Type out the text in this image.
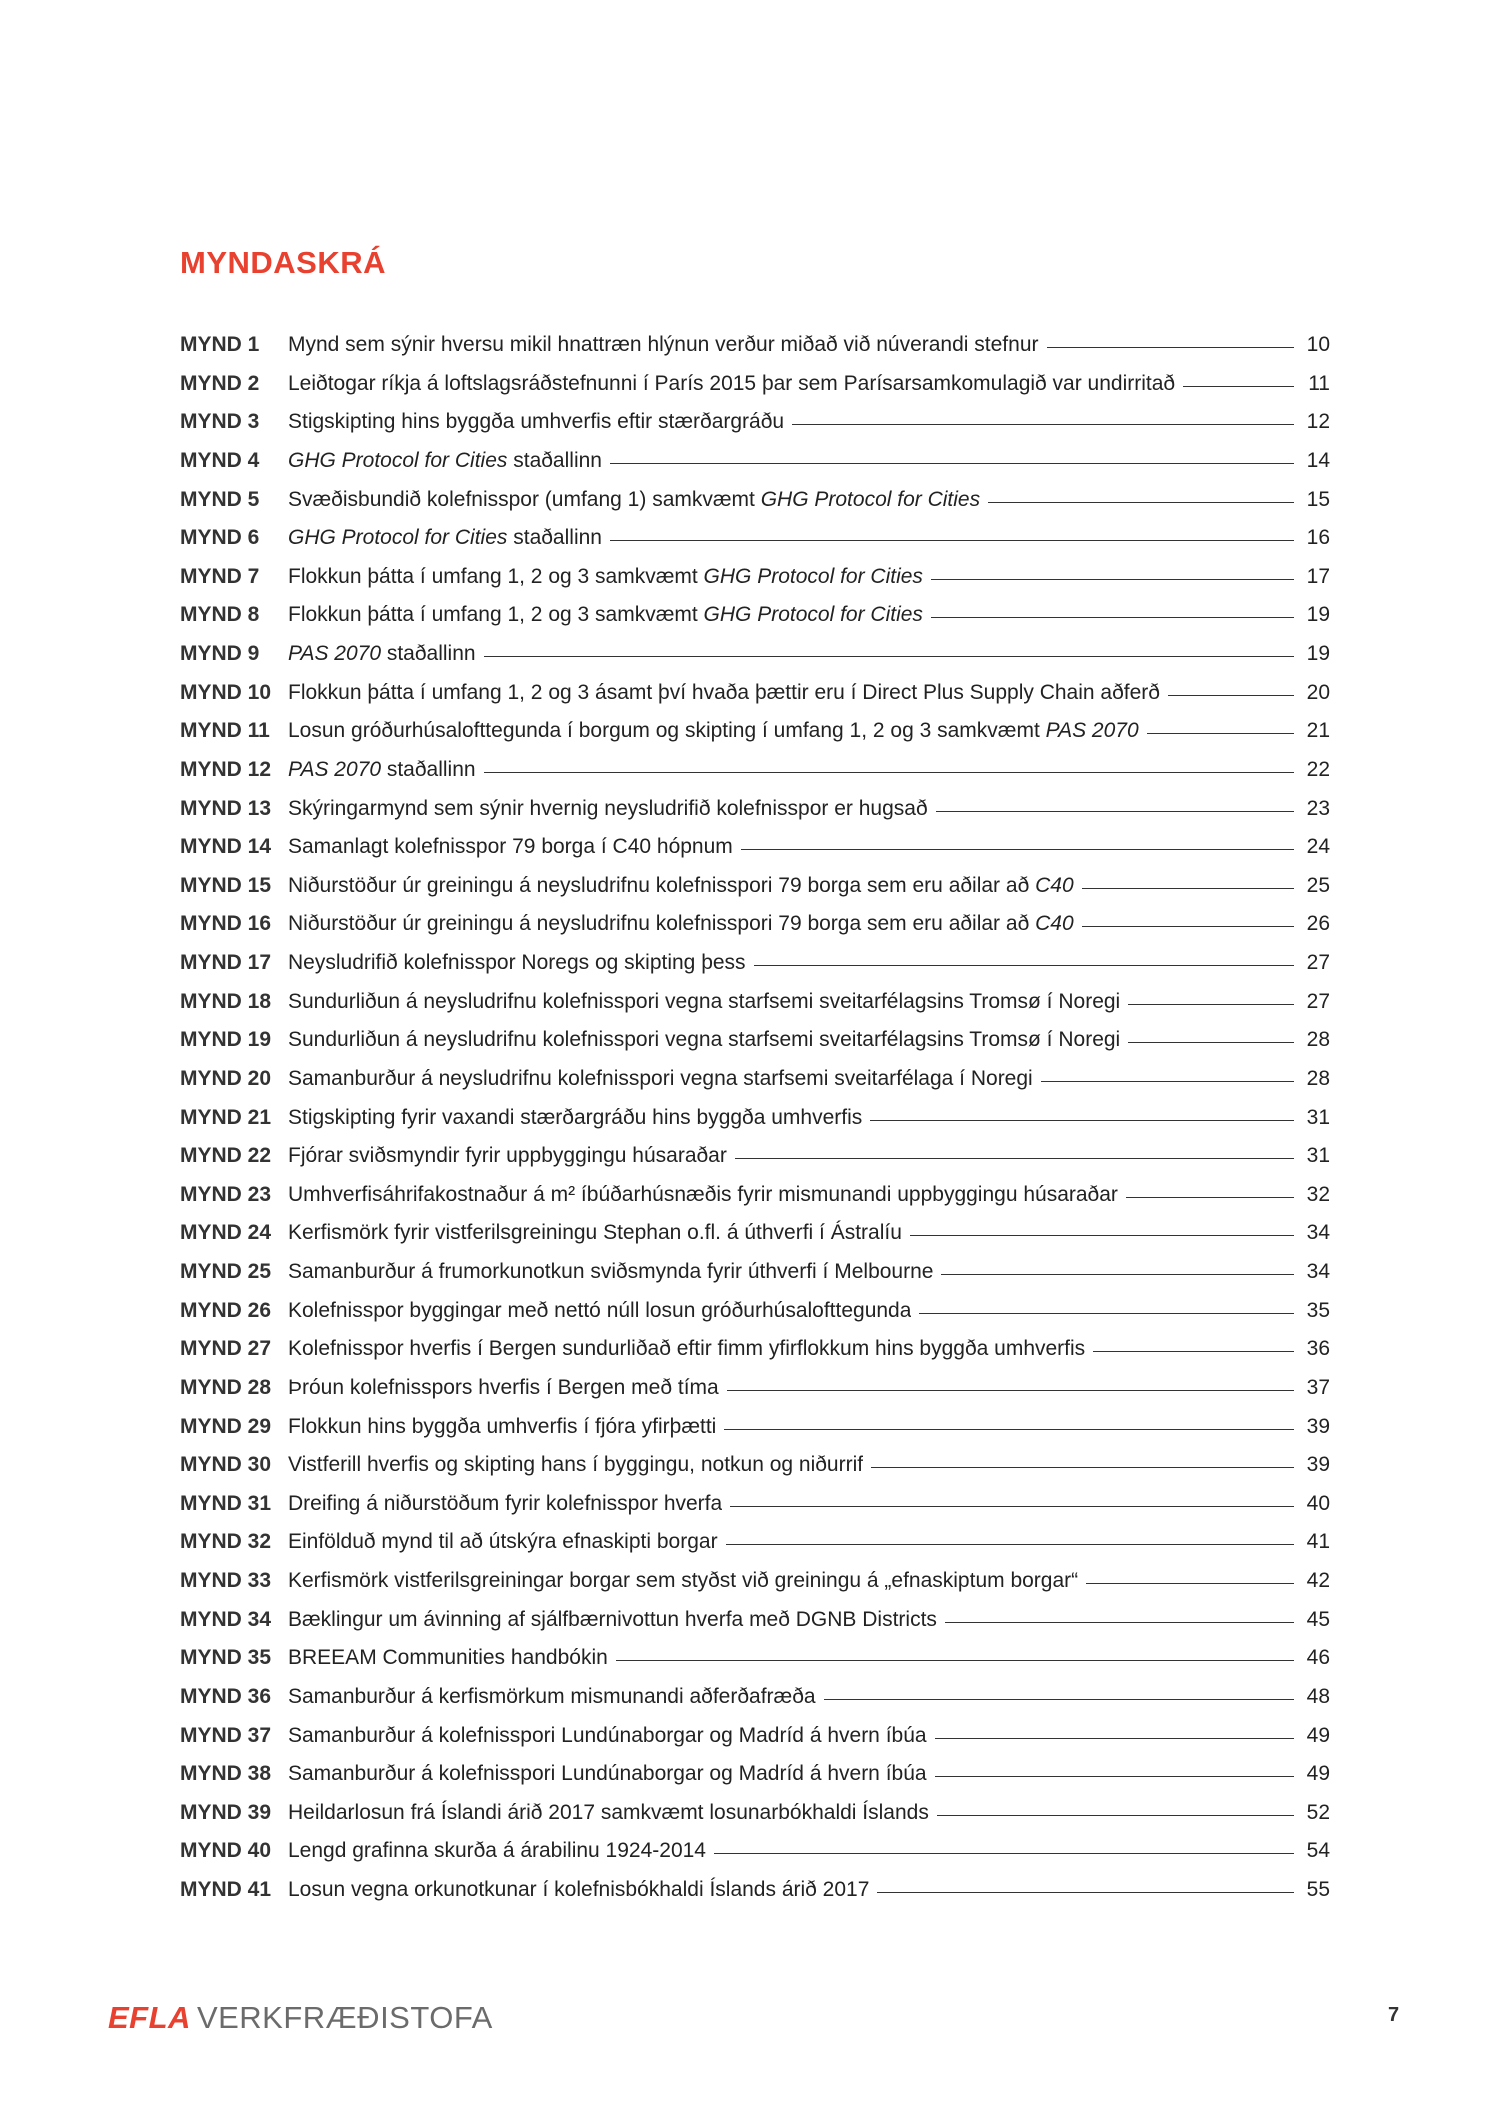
MYNDASKRÁ
MYND 1	Mynd sem sýnir hversu mikil hnattræn hlýnun verður miðað við núverandi stefnur	10
MYND 2	Leiðtogar ríkja á loftslagsráðstefnunni í París 2015 þar sem Parísarsamkomulagið var undirritað	11
MYND 3	Stigskipting hins byggða umhverfis eftir stærðargráðu	12
MYND 4	GHG Protocol for Cities staðallinn	14
MYND 5	Svæðisbundið kolefnisspor (umfang 1) samkvæmt GHG Protocol for Cities	15
MYND 6	GHG Protocol for Cities staðallinn	16
MYND 7	Flokkun þátta í umfang 1, 2 og 3 samkvæmt GHG Protocol for Cities	17
MYND 8	Flokkun þátta í umfang 1, 2 og 3 samkvæmt GHG Protocol for Cities	19
MYND 9	PAS 2070 staðallinn	19
MYND 10 Flokkun þátta í umfang 1, 2 og 3 ásamt því hvaða þættir eru í Direct Plus Supply Chain aðferð	20
MYND 11 Losun gróðurhúsalofttegunda í borgum og skipting í umfang 1, 2 og 3 samkvæmt PAS 2070	21
MYND 12 PAS 2070 staðallinn	22
MYND 13 Skýringarmynd sem sýnir hvernig neysludrifið kolefnisspor er hugsað	23
MYND 14 Samanlagt kolefnisspor 79 borga í C40 hópnum	24
MYND 15 Niðurstöður úr greiningu á neysludrifnu kolefnisspori 79 borga sem eru aðilar að C40	25
MYND 16 Niðurstöður úr greiningu á neysludrifnu kolefnisspori 79 borga sem eru aðilar að C40	26
MYND 17 Neysludrifið kolefnisspor Noregs og skipting þess	27
MYND 18 Sundurliðun á neysludrifnu kolefnisspori vegna starfsemi sveitarfélagsins Tromsø í Noregi	27
MYND 19 Sundurliðun á neysludrifnu kolefnisspori vegna starfsemi sveitarfélagsins Tromsø í Noregi	28
MYND 20 Samanburður á neysludrifnu kolefnisspori vegna starfsemi sveitarfélaga í Noregi	28
MYND 21 Stigskipting fyrir vaxandi stærðargráðu hins byggða umhverfis	31
MYND 22 Fjórar sviðsmyndir fyrir uppbyggingu húsaraðar	31
MYND 23 Umhverfisáhrifakostnaður á m² íbúðarhúsnæðis fyrir mismunandi uppbyggingu húsaraðar	32
MYND 24 Kerfismörk fyrir vistferilsgreiningu Stephan o.fl. á úthverfi í Ástralíu	34
MYND 25 Samanburður á frumorkunotkun sviðsmynda fyrir úthverfi í Melbourne	34
MYND 26 Kolefnisspor byggingar með nettó núll losun gróðurhúsalofttegunda	35
MYND 27 Kolefnisspor hverfis í Bergen sundurliðað eftir fimm yfirflokkum hins byggða umhverfis	36
MYND 28 Þróun kolefnisspors hverfis í Bergen með tíma	37
MYND 29 Flokkun hins byggða umhverfis í fjóra yfirþætti	39
MYND 30 Vistferill hverfis og skipting hans í byggingu, notkun og niðurrif	39
MYND 31 Dreifing á niðurstöðum fyrir kolefnisspor hverfa	40
MYND 32 Einfölduð mynd til að útskýra efnaskipti borgar	41
MYND 33 Kerfismörk vistferilsgreiningar borgar sem styðst við greiningu á „efnaskiptum borgar“	42
MYND 34 Bæklingur um ávinning af sjálfbærnivottun hverfa með DGNB Districts	45
MYND 35 BREEAM Communities handbókin	46
MYND 36 Samanburður á kerfismörkum mismunandi aðferðafræða	48
MYND 37 Samanburður á kolefnisspori Lundúnaborgar og Madríd á hvern íbúa	49
MYND 38 Samanburður á kolefnisspori Lundúnaborgar og Madríd á hvern íbúa	49
MYND 39 Heildarlosun frá Íslandi árið 2017 samkvæmt losunarbókhaldi Íslands	52
MYND 40 Lengd grafinna skurða á árabilinu 1924-2014	54
MYND 41 Losun vegna orkunotkunar í kolefnisbókhaldi Íslands árið 2017	55
EFLA VERKFRÆÐISTOFA	7
